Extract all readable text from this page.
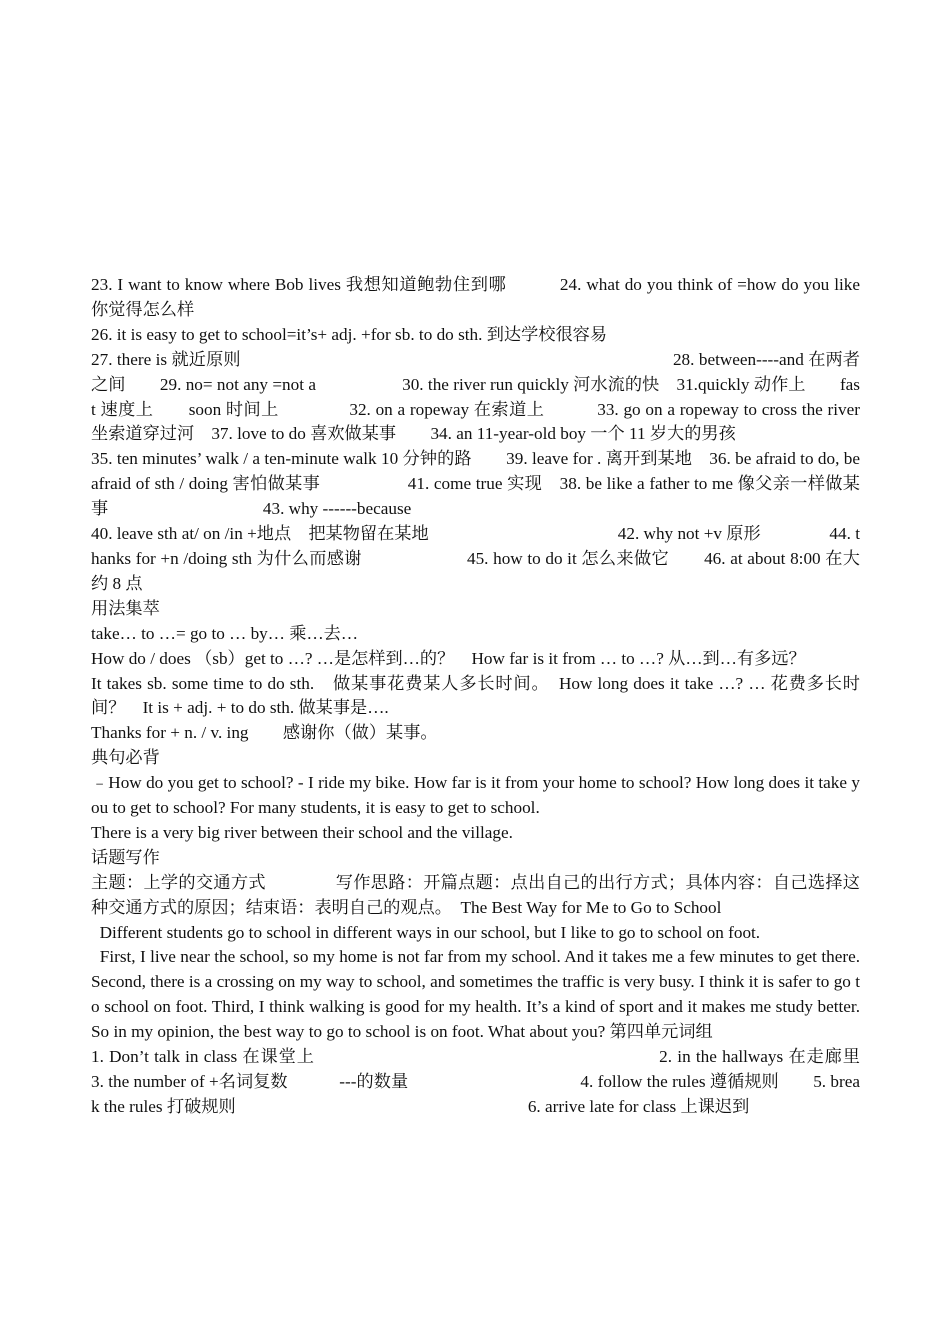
23. I want to know where Bob lives 我想知道鲍勃住到哪　　　24. what do you think of =how do you like 你觉得怎么样

26. it is easy to get to school=it’s+ adj. +for sb. to do sth. 到达学校很容易

27. there is 就近原则　　　　　　　　　　　　　　　　　　　　　　　　　28. between----and 在两者之间　　29. no= not any =not a　　　　　30. the river run quickly 河水流的快　31.quickly 动作上　　fast 速度上　　soon 时间上　　　　32. on a ropeway 在索道上　　　33. go on a ropeway to cross the river 坐索道穿过河　37. love to do 喜欢做某事　　34. an 11-year-old boy 一个 11 岁大的男孩

35. ten minutes’ walk / a ten-minute walk 10 分钟的路　　39. leave for . 离开到某地　36. be afraid to do, be afraid of sth / doing 害怕做某事　　　　　41. come true 实现　38. be like a father to me 像父亲一样做某事　　　　　　　　　43. why ------because

40. leave sth at/ on /in +地点　把某物留在某地　　　　　　　　　　　42. why not +v 原形　　　　44. thanks for +n /doing sth 为什么而感谢　　　　　　45. how to do it 怎么来做它　　46. at about 8:00 在大约 8 点

用法集萃

take… to …= go to … by… 乘…去…

How do / does （sb）get to …? …是怎样到…的？　How far is it from … to …? 从…到…有多远？

It takes sb. some time to do sth.　做某事花费某人多长时间。　How long does it take …? … 花费多长时间？　It is + adj. + to do sth. 做某事是….

Thanks for + n. / v. ing　　感谢你（做）某事。

典句必背

﹣How do you get to school? - I ride my bike. How far is it from your home to school? How long does it take you to get to school? For many students, it is easy to get to school.

There is a very big river between their school and the village.

话题写作

主题：上学的交通方式　　　　写作思路：开篇点题：点出自己的出行方式；具体内容：自己选择这种交通方式的原因；结束语：表明自己的观点。　The Best Way for Me to Go to School

Different students go to school in different ways in our school, but I like to go to school on foot.

First, I live near the school, so my home is not far from my school. And it takes me a few minutes to get there. Second, there is a crossing on my way to school, and sometimes the traffic is very busy. I think it is safer to go to school on foot. Third, I think walking is good for my health. It’s a kind of sport and it makes me study better.  So in my opinion, the best way to go to school is on foot. What about you? 第四单元词组

1. Don’t talk in class 在课堂上　　　　　　　　　　　　　　　　　　　2. in the hallways 在走廊里　　3. the number of +名词复数　　　---的数量　　　　　　　　　　4. follow the rules 遵循规则　　5. break the rules 打破规则　　　　　　　　　　　　　　　　　6. arrive late for class 上课迟到
